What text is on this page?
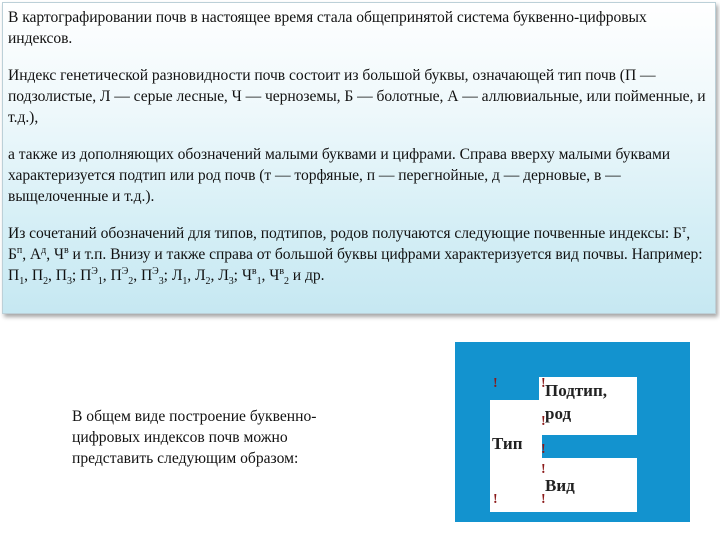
В картографировании почв в настоящее время стала общепринятой система буквенно-цифровых индексов.

Индекс генетической разновидности почв состоит из большой буквы, означающей тип почв (П — подзолистые, Л — серые лесные, Ч — черноземы, Б — болотные, А — аллювиальные, или пойменные, и т.д.),

а также из дополняющих обозначений малыми буквами и цифрами. Справа вверху малыми буквами характеризуется подтип или род почв (т — торфяные, п — перегнойные, д — дерновые, в — выщелоченные и т.д.).

Из сочетаний обозначений для типов, подтипов, родов получаются следующие почвенные индексы: $Б^т$, $Б^п$, $А^д$, $Ч^в$ и т.п. Внизу и также справа от большой буквы цифрами характеризуется вид почвы. Например: $П_1$, $П_2$, $П_3$; $П^Э_1$, $П^Э_2$, $П^Э_3$; $Л_1$, $Л_2$, $Л_3$; $Ч^в_1$, $Ч^в_2$ и др.

В общем виде построение буквенно-цифровых индексов почв можно представить следующим образом:

!	!
!
!
!
!	!
Тип
Подтип,
род
Вид
